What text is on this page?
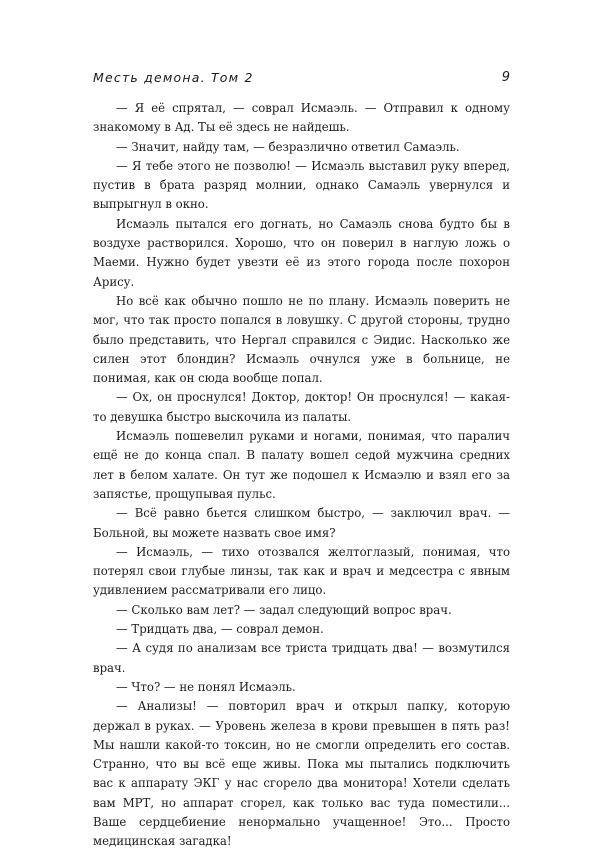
Месть демона. Том 2	9

— Я её спрятал, — соврал Исмаэль. — Отправил к одному знакомому в Ад. Ты её здесь не найдешь.

— Значит, найду там, — безразлично ответил Самаэль.

— Я тебе этого не позволю! — Исмаэль выставил руку вперед, пустив в брата разряд молнии, однако Самаэль увернулся и выпрыгнул в окно.

Исмаэль пытался его догнать, но Самаэль снова будто бы в воздухе растворился. Хорошо, что он поверил в наглую ложь о Маеми. Нужно будет увезти её из этого города после похорон Арису.

Но всё как обычно пошло не по плану. Исмаэль поверить не мог, что так просто попался в ловушку. С другой стороны, трудно было представить, что Нергал справился с Эидис. Насколько же силен этот блондин? Исмаэль очнулся уже в больнице, не понимая, как он сюда вообще попал.

— Ох, он проснулся! Доктор, доктор! Он проснулся! — какая-то девушка быстро выскочила из палаты.

Исмаэль пошевелил руками и ногами, понимая, что паралич ещё не до конца спал. В палату вошел седой мужчина средних лет в белом халате. Он тут же подошел к Исмаэлю и взял его за запястье, прощупывая пульс.

— Всё равно бьется слишком быстро, — заключил врач. — Больной, вы можете назвать свое имя?

— Исмаэль, — тихо отозвался желтоглазый, понимая, что потерял свои глубые линзы, так как и врач и медсестра с явным удивлением рассматривали его лицо.

— Сколько вам лет? — задал следующий вопрос врач.

— Тридцать два, — соврал демон.

— А судя по анализам все триста тридцать два! — возмутился врач.

— Что? — не понял Исмаэль.

— Анализы! — повторил врач и открыл папку, которую держал в руках. — Уровень железа в крови превышен в пять раз! Мы нашли какой-то токсин, но не смогли определить его состав. Странно, что вы всё еще живы. Пока мы пытались подключить вас к аппарату ЭКГ у нас сгорело два монитора! Хотели сделать вам МРТ, но аппарат сгорел, как только вас туда поместили... Ваше сердцебиение ненормально учащенное! Это... Просто медицинская загадка!
